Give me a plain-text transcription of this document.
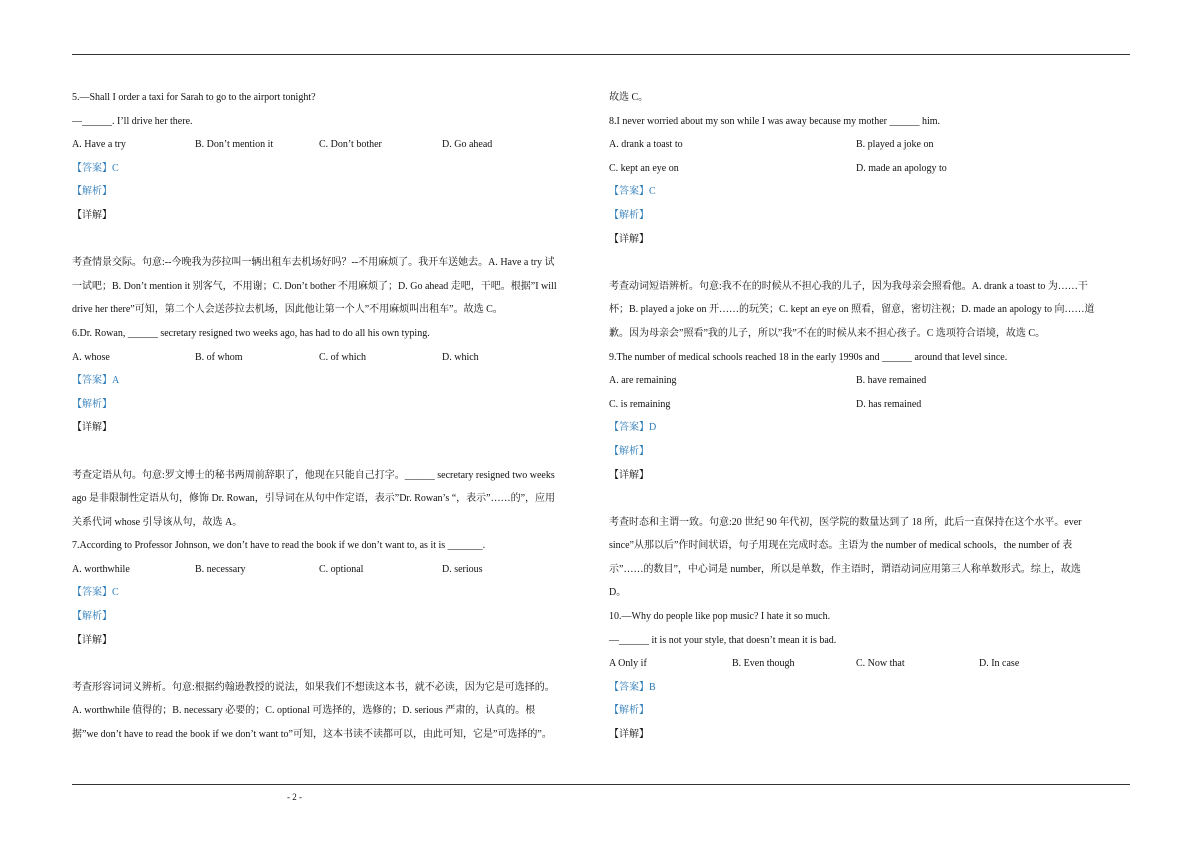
5.—Shall I order a taxi for Sarah to go to the airport tonight?
—______. I’ll drive her there.
A. Have a try	B. Don’t mention it	C. Don’t bother	D. Go ahead
【答案】C
【解析】
【详解】
考查情景交际。句意:--今晚我为莎拉叫一辆出租车去机场好吗？--不用麻烦了。我开车送她去。A. Have a try 试
一试吧；B. Don’t mention it 别客气，不用谢；C. Don’t bother 不用麻烦了；D. Go ahead 走吧，干吧。根据”I will
drive her there”可知，第二个人会送莎拉去机场，因此他让第一个人”不用麻烦叫出租车”。故选 C。
6.Dr. Rowan, ______ secretary resigned two weeks ago, has had to do all his own typing.
A. whose	B. of whom	C. of which	D. which
【答案】A
【解析】
【详解】
考查定语从句。句意:罗文博士的秘书两周前辞职了，他现在只能自己打字。______ secretary resigned two weeks
ago 是非限制性定语从句，修饰 Dr. Rowan，引导词在从句中作定语，表示”Dr. Rowan’s “，表示”……的”，应用
关系代词 whose 引导该从句，故选 A。
7.According to Professor Johnson, we don’t have to read the book if we don’t want to, as it is _______.
A. worthwhile	B. necessary	C. optional	D. serious
【答案】C
【解析】
【详解】
考查形容词词义辨析。句意:根据约翰逊教授的说法，如果我们不想读这本书，就不必读，因为它是可选择的。
A. worthwhile 值得的；B. necessary 必要的；C. optional 可选择的，选修的；D. serious 严肃的，认真的。根
据”we don’t have to read the book if we don’t want to”可知，这本书读不读都可以，由此可知，它是”可选择的”。
故选 C。
8.I never worried about my son while I was away because my mother ______ him.
A. drank a toast to	B. played a joke on
C. kept an eye on	D. made an apology to
【答案】C
【解析】
【详解】
考查动词短语辨析。句意:我不在的时候从不担心我的儿子，因为我母亲会照看他。A. drank a toast to 为……干
杯；B. played a joke on 开……的玩笑；C. kept an eye on 照看，留意，密切注视；D. made an apology to 向……道
歉。因为母亲会”照看”我的儿子，所以”我”不在的时候从来不担心孩子。C 选项符合语境，故选 C。
9.The number of medical schools reached 18 in the early 1990s and ______ around that level since.
A. are remaining	B. have remained
C. is remaining	D. has remained
【答案】D
【解析】
【详解】
考查时态和主谓一致。句意:20 世纪 90 年代初，医学院的数量达到了 18 所，此后一直保持在这个水平。ever
since”从那以后”作时间状语，句子用现在完成时态。主语为 the number of medical schools，the number of 表
示”……的数目”，中心词是 number，所以是单数，作主语时，谓语动词应用第三人称单数形式。综上，故选
D。
10.—Why do people like pop music? I hate it so much.
—______ it is not your style, that doesn’t mean it is bad.
A Only if	B. Even though	C. Now that	D. In case
【答案】B
【解析】
【详解】
- 2 -
